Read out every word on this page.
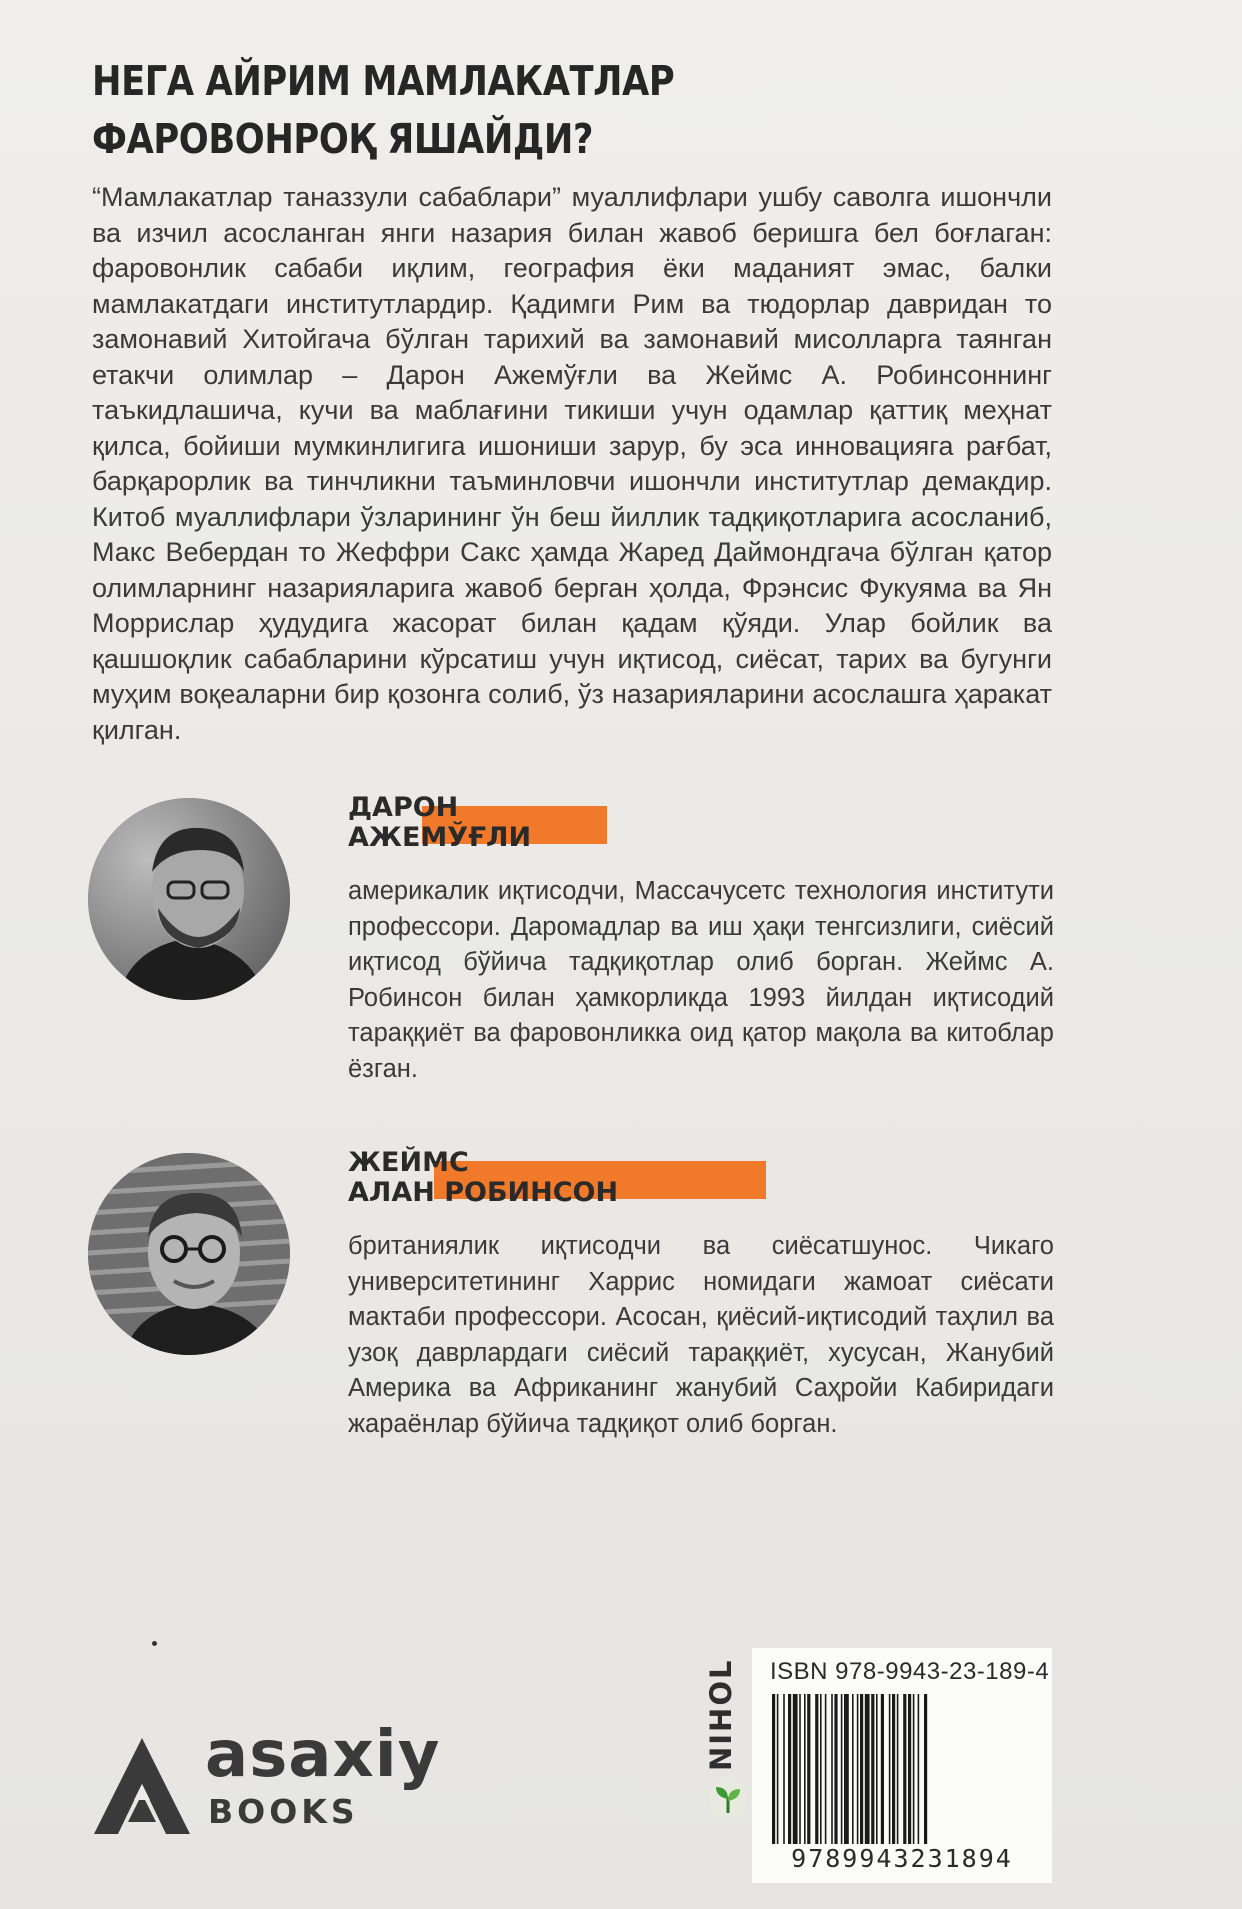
НЕГА АЙРИМ МАМЛАКАТЛАР
ФАРОВОНРОҚ ЯШАЙДИ?

“Мамлакатлар таназзули сабаблари” муаллифлари ушбу саволга ишончли ва изчил асосланган янги назария билан жавоб беришга бел боғлаган: фаровонлик сабаби иқлим, география ёки маданият эмас, балки мамлакатдаги институтлардир. Қадимги Рим ва тюдорлар давридан то замонавий Хитойгача бўлган тарихий ва замонавий мисолларга таянган етакчи олимлар – Дарон Ажемўғли ва Жеймс А. Робинсоннинг таъкидлашича, кучи ва маблағини тикиши учун одамлар қаттиқ меҳнат қилса, бойиши мумкинлигига ишониши зарур, бу эса инновацияга рағбат, барқарорлик ва тинчликни таъминловчи ишончли институтлар демакдир. Китоб муаллифлари ўзларининг ўн беш йиллик тадқиқотларига асосланиб, Макс Вебердан то Жеффри Сакс ҳамда Жаред Даймондгача бўлган қатор олимларнинг назарияларига жавоб берган ҳолда, Фрэнсис Фукуяма ва Ян Моррислар ҳудудига жасорат билан қадам қўяди. Улар бойлик ва қашшоқлик сабабларини кўрсатиш учун иқтисод, сиёсат, тарих ва бугунги муҳим воқеаларни бир қозонга солиб, ўз назарияларини асослашга ҳаракат қилган.

ДАРОН
АЖЕМЎҒЛИ

америкалик иқтисодчи, Массачусетс технология институти профессори. Даромадлар ва иш ҳақи тенгсизлиги, сиёсий иқтисод бўйича тадқиқотлар олиб борган. Жеймс А. Робинсон билан ҳамкорликда 1993 йилдан иқтисодий тараққиёт ва фаровонликка оид қатор мақола ва китоблар ёзган.

ЖЕЙМС
АЛАН РОБИНСОН

британиялик иқтисодчи ва сиёсатшунос. Чикаго университетининг Харрис номидаги жамоат сиёсати мактаби профессори. Асосан, қиёсий-иқтисодий таҳлил ва узоқ даврлардаги сиёсий тараққиёт, хусусан, Жанубий Америка ва Африканинг жанубий Саҳройи Кабиридаги жараёнлар бўйича тадқиқот олиб борган.

asaxiy

BOOKS

NIHOL ISBN 978-9943-23-189-4

9789943231894
